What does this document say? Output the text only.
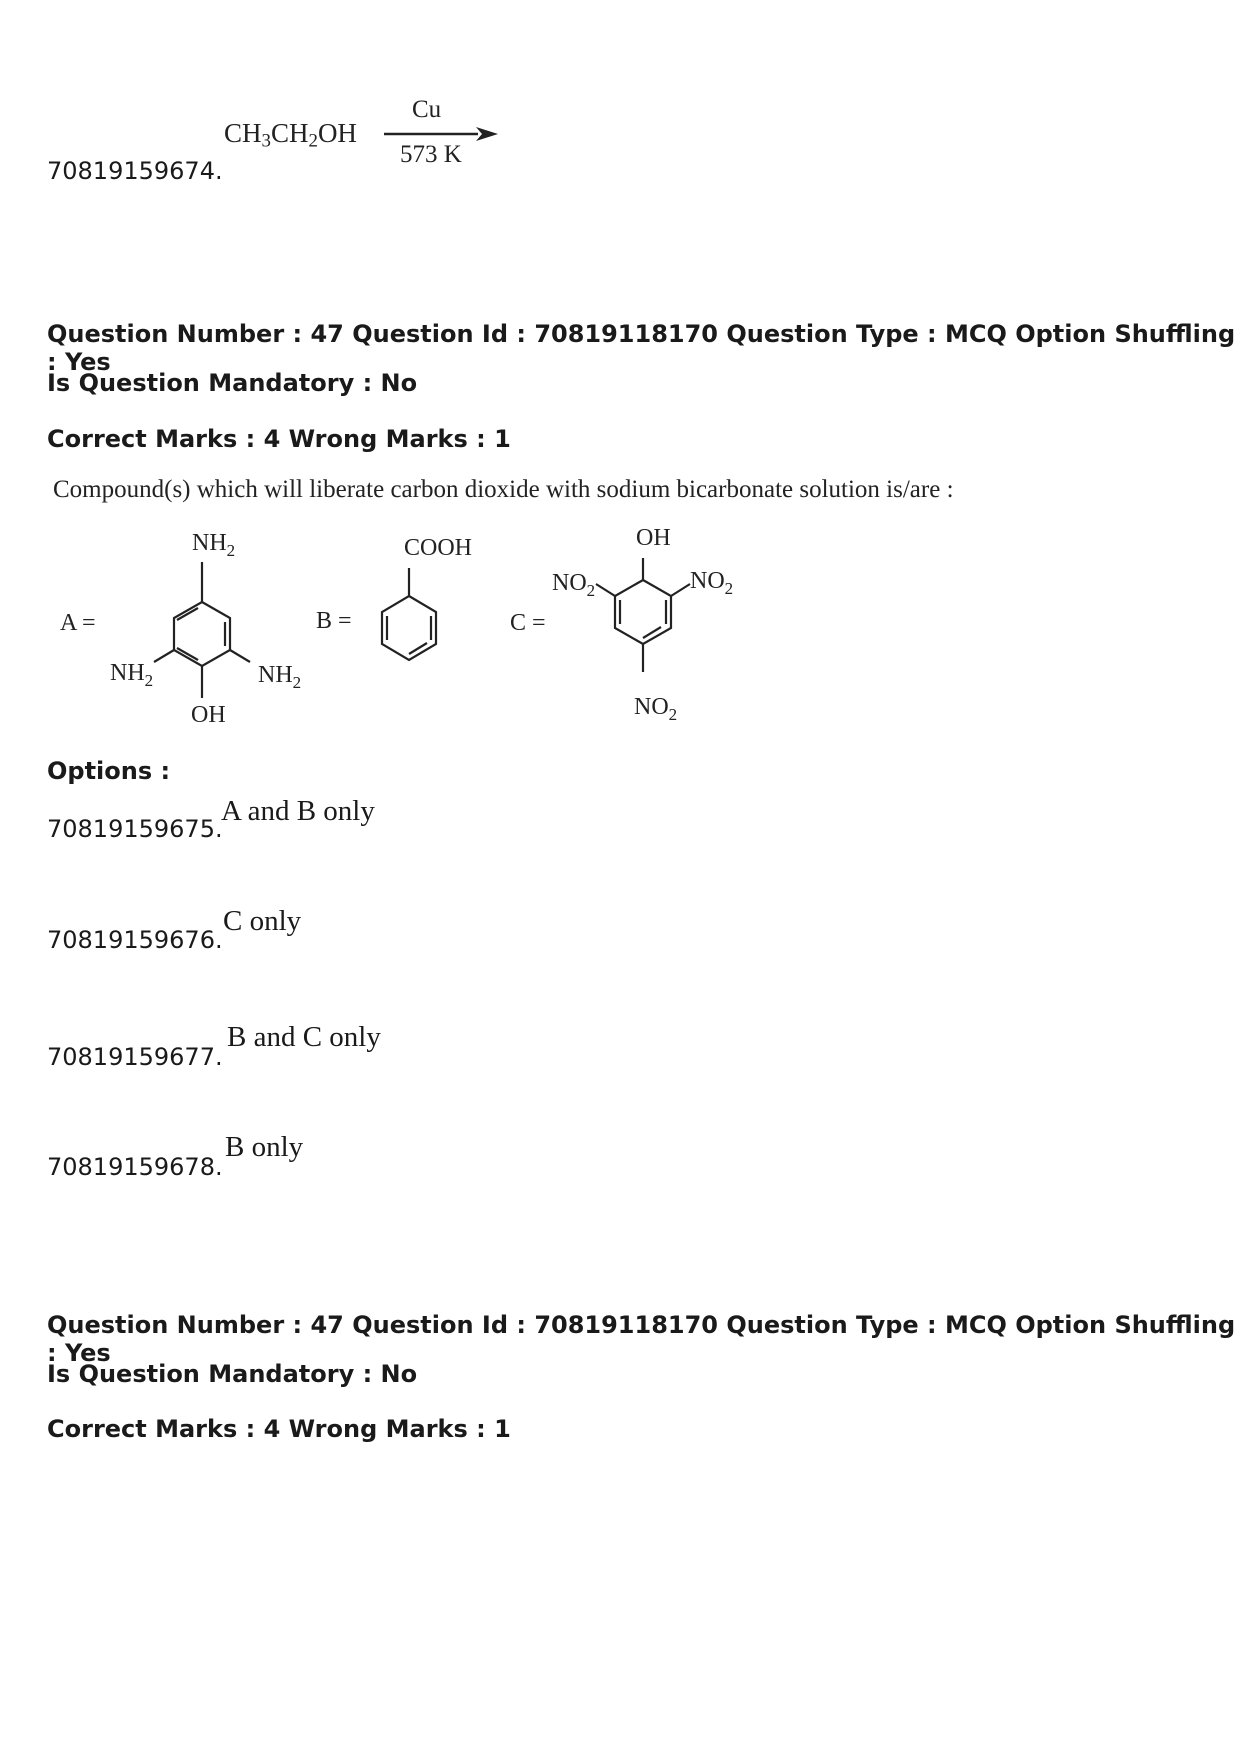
70819159674.
$CH_3CH_2OH$
Cu
573 K
Question Number : 47 Question Id : 70819118170 Question Type : MCQ Option Shuffling : Yes
Is Question Mandatory : No
Correct Marks : 4 Wrong Marks : 1
Compound(s) which will liberate carbon dioxide with sodium bicarbonate solution is/are :
A =
$NH_2$
$NH_2$	$NH_2$
OH
B =
COOH
C =
OH
$NO_2$	$NO_2$
$NO_2$
Options :
70819159675.
A and B only
70819159676.
C only
70819159677.
B and C only
70819159678.
B only
Question Number : 47 Question Id : 70819118170 Question Type : MCQ Option Shuffling : Yes
Is Question Mandatory : No
Correct Marks : 4 Wrong Marks : 1
